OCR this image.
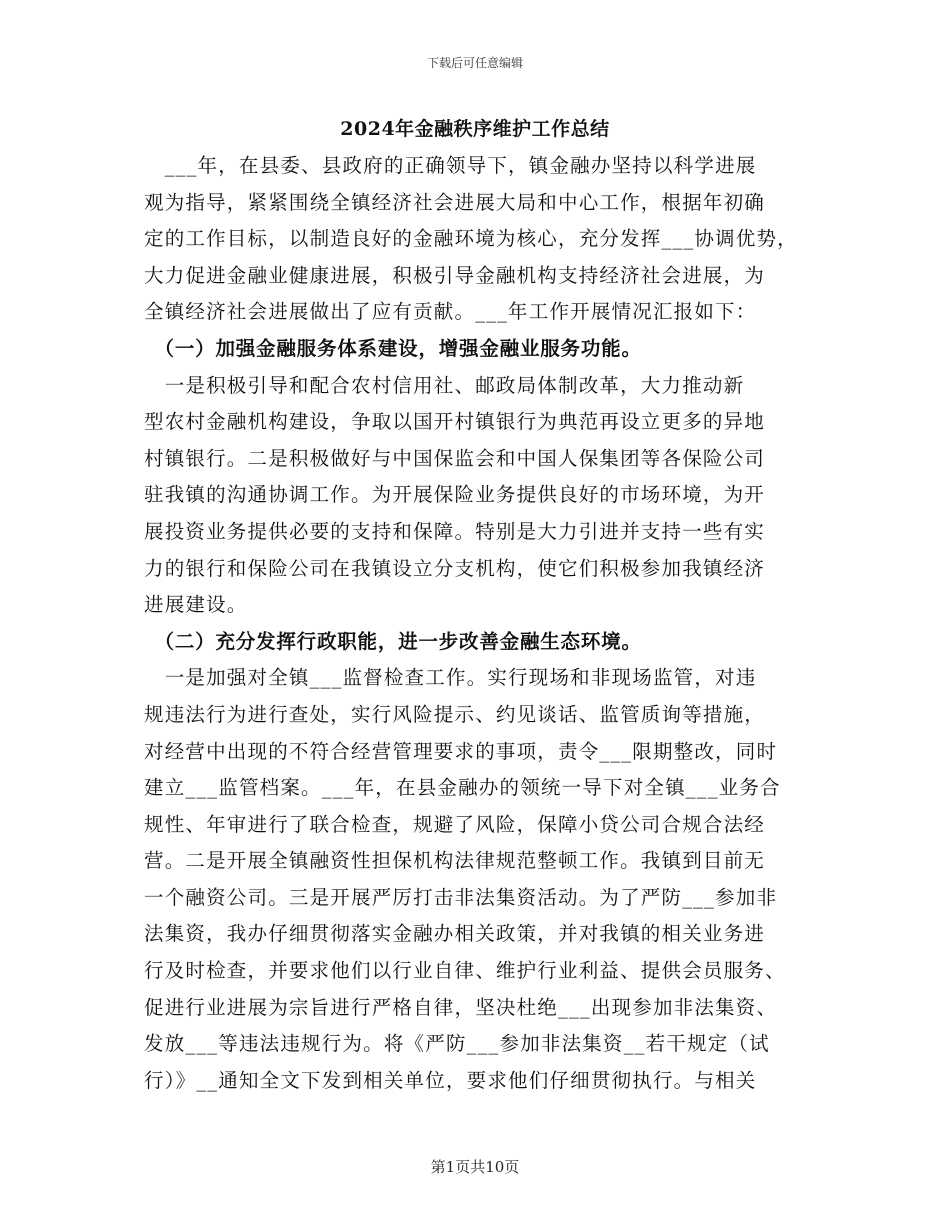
下载后可任意编辑
2024年金融秩序维护工作总结
　___年，在县委、县政府的正确领导下，镇金融办坚持以科学进展
观为指导，紧紧围绕全镇经济社会进展大局和中心工作，根据年初确
定的工作目标，以制造良好的金融环境为核心，充分发挥___协调优势，
大力促进金融业健康进展，积极引导金融机构支持经济社会进展，为
全镇经济社会进展做出了应有贡献。___年工作开展情况汇报如下：
　（一）加强金融服务体系建设，增强金融业服务功能。
　一是积极引导和配合农村信用社、邮政局体制改革，大力推动新
型农村金融机构建设，争取以国开村镇银行为典范再设立更多的异地
村镇银行。二是积极做好与中国保监会和中国人保集团等各保险公司
驻我镇的沟通协调工作。为开展保险业务提供良好的市场环境，为开
展投资业务提供必要的支持和保障。特别是大力引进并支持一些有实
力的银行和保险公司在我镇设立分支机构，使它们积极参加我镇经济
进展建设。
　（二）充分发挥行政职能，进一步改善金融生态环境。
　一是加强对全镇___监督检查工作。实行现场和非现场监管，对违
规违法行为进行查处，实行风险提示、约见谈话、监管质询等措施，
对经营中出现的不符合经营管理要求的事项，责令___限期整改，同时
建立___监管档案。___年，在县金融办的领统一导下对全镇___业务合
规性、年审进行了联合检查，规避了风险，保障小贷公司合规合法经
营。二是开展全镇融资性担保机构法律规范整顿工作。我镇到目前无
一个融资公司。三是开展严厉打击非法集资活动。为了严防___参加非
法集资，我办仔细贯彻落实金融办相关政策，并对我镇的相关业务进
行及时检查，并要求他们以行业自律、维护行业利益、提供会员服务、
促进行业进展为宗旨进行严格自律，坚决杜绝___出现参加非法集资、
发放___等违法违规行为。将《严防___参加非法集资__若干规定（试
行）》__通知全文下发到相关单位，要求他们仔细贯彻执行。与相关
第1页共10页
